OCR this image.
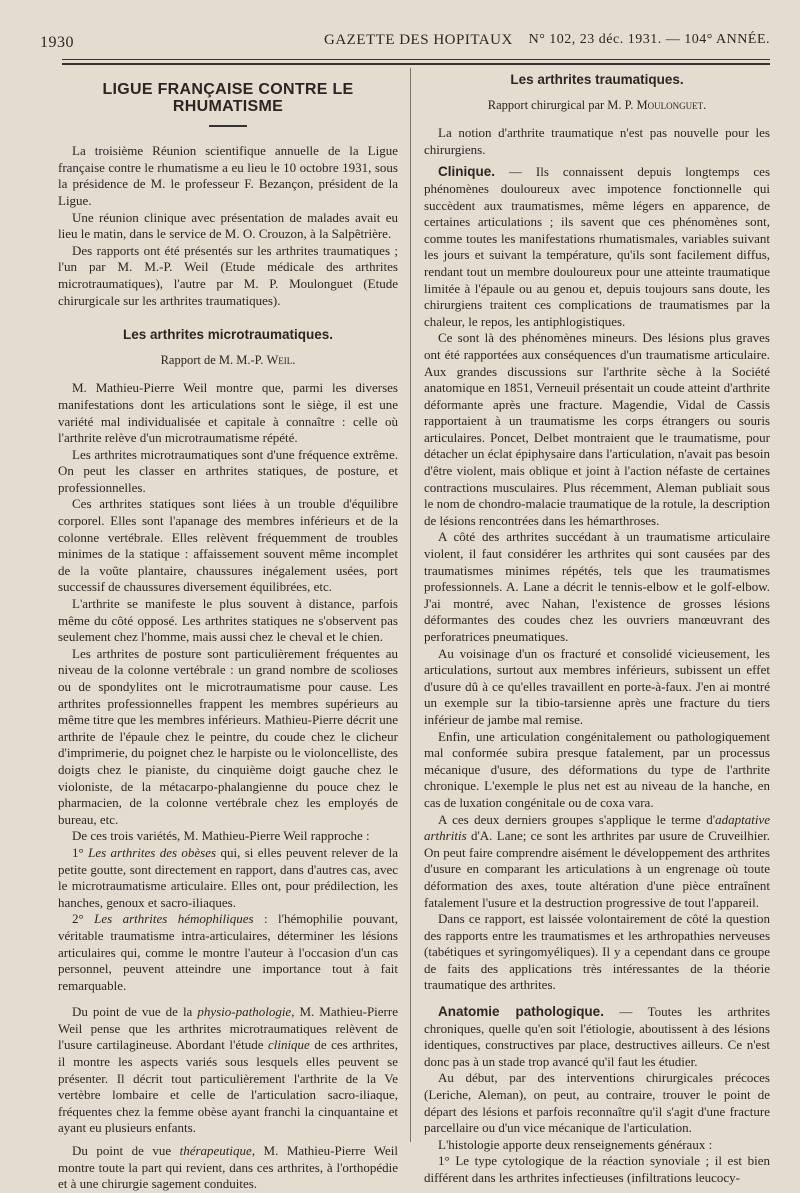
1930	GAZETTE DES HOPITAUX N° 102, 23 déc. 1931. — 104° ANNÉE.
LIGUE FRANÇAISE CONTRE LE RHUMATISME

La troisième Réunion scientifique annuelle de la Ligue française contre le rhumatisme a eu lieu le 10 octobre 1931, sous la présidence de M. le professeur F. Bezançon, président de la Ligue.

Une réunion clinique avec présentation de malades avait eu lieu le matin, dans le service de M. O. Crouzon, à la Salpêtrière.

Des rapports ont été présentés sur les arthrites traumatiques ; l'un par M. M.-P. Weil (Etude médicale des arthrites microtraumatiques), l'autre par M. P. Moulonguet (Etude chirurgicale sur les arthrites traumatiques).

Les arthrites microtraumatiques.
Rapport de M. M.-P. Weil.

M. Mathieu-Pierre Weil montre que, parmi les diverses manifestations dont les articulations sont le siège, il est une variété mal individualisée et capitale à connaître : celle où l'arthrite relève d'un microtraumatisme répété.

Les arthrites microtraumatiques sont d'une fréquence extrême. On peut les classer en arthrites statiques, de posture, et professionnelles.

Ces arthrites statiques sont liées à un trouble d'équilibre corporel. Elles sont l'apanage des membres inférieurs et de la colonne vertébrale. Elles relèvent fréquemment de troubles minimes de la statique : affaissement souvent même incomplet de la voûte plantaire, chaussures inégalement usées, port successif de chaussures diversement équilibrées, etc.

L'arthrite se manifeste le plus souvent à distance, parfois même du côté opposé. Les arthrites statiques ne s'observent pas seulement chez l'homme, mais aussi chez le cheval et le chien.

Les arthrites de posture sont particulièrement fréquentes au niveau de la colonne vertébrale : un grand nombre de scolioses ou de spondylites ont le microtraumatisme pour cause. Les arthrites professionnelles frappent les membres supérieurs au même titre que les membres inférieurs. Mathieu-Pierre décrit une arthrite de l'épaule chez le peintre, du coude chez le clicheur d'imprimerie, du poignet chez le harpiste ou le violoncelliste, des doigts chez le pianiste, du cinquième doigt gauche chez le violoniste, de la métacarpo-phalangienne du pouce chez le pharmacien, de la colonne vertébrale chez les employés de bureau, etc.

De ces trois variétés, M. Mathieu-Pierre Weil rapproche :

1° Les arthrites des obèses qui, si elles peuvent relever de la petite goutte, sont directement en rapport, dans d'autres cas, avec le microtraumatisme articulaire. Elles ont, pour prédilection, les hanches, genoux et sacro-iliaques.

2° Les arthrites hémophiliques : l'hémophilie pouvant, véritable traumatisme intra-articulaires, déterminer les lésions articulaires qui, comme le montre l'auteur à l'occasion d'un cas personnel, peuvent atteindre une importance tout à fait remarquable.

Du point de vue de la physio-pathologie, M. Mathieu-Pierre Weil pense que les arthrites microtraumatiques relèvent de l'usure cartilagineuse. Abordant l'étude clinique de ces arthrites, il montre les aspects variés sous lesquels elles peuvent se présenter. Il décrit tout particulièrement l'arthrite de la Ve vertèbre lombaire et celle de l'articulation sacro-iliaque, fréquentes chez la femme obèse ayant franchi la cinquantaine et ayant eu plusieurs enfants.

Du point de vue thérapeutique, M. Mathieu-Pierre Weil montre toute la part qui revient, dans ces arthrites, à l'orthopédie et à une chirurgie sagement conduites.

Les arthrites traumatiques.
Rapport chirurgical par M. P. Moulonguet.

La notion d'arthrite traumatique n'est pas nouvelle pour les chirurgiens.

Clinique. — Ils connaissent depuis longtemps ces phénomènes douloureux avec impotence fonctionnelle qui succèdent aux traumatismes, même légers en apparence, de certaines articulations ; ils savent que ces phénomènes sont, comme toutes les manifestations rhumatismales, variables suivant les jours et suivant la température, qu'ils sont facilement diffus, rendant tout un membre douloureux pour une atteinte traumatique limitée à l'épaule ou au genou et, depuis toujours sans doute, les chirurgiens traitent ces complications de traumatismes par la chaleur, le repos, les antiphlogistiques.

Ce sont là des phénomènes mineurs. Des lésions plus graves ont été rapportées aux conséquences d'un traumatisme articulaire. Aux grandes discussions sur l'arthrite sèche à la Société anatomique en 1851, Verneuil présentait un coude atteint d'arthrite déformante après une fracture. Magendie, Vidal de Cassis rapportaient à un traumatisme les corps étrangers ou souris articulaires. Poncet, Delbet montraient que le traumatisme, pour détacher un éclat épiphysaire dans l'articulation, n'avait pas besoin d'être violent, mais oblique et joint à l'action néfaste de certaines contractions musculaires. Plus récemment, Aleman publiait sous le nom de chondro-malacie traumatique de la rotule, la description de lésions rencontrées dans les hémarthroses.

A côté des arthrites succédant à un traumatisme articulaire violent, il faut considérer les arthrites qui sont causées par des traumatismes minimes répétés, tels que les traumatismes professionnels. A. Lane a décrit le tennis-elbow et le golf-elbow. J'ai montré, avec Nahan, l'existence de grosses lésions déformantes des coudes chez les ouvriers manœuvrant des perforatrices pneumatiques.

Au voisinage d'un os fracturé et consolidé vicieusement, les articulations, surtout aux membres inférieurs, subissent un effet d'usure dû à ce qu'elles travaillent en porte-à-faux. J'en ai montré un exemple sur la tibio-tarsienne après une fracture du tiers inférieur de jambe mal remise.

Enfin, une articulation congénitalement ou pathologiquement mal conformée subira presque fatalement, par un processus mécanique d'usure, des déformations du type de l'arthrite chronique. L'exemple le plus net est au niveau de la hanche, en cas de luxation congénitale ou de coxa vara.

A ces deux derniers groupes s'applique le terme d'adaptative arthritis d'A. Lane; ce sont les arthrites par usure de Cruveilhier. On peut faire comprendre aisément le développement des arthrites d'usure en comparant les articulations à un engrenage où toute déformation des axes, toute altération d'une pièce entraînent fatalement l'usure et la destruction progressive de tout l'appareil.

Dans ce rapport, est laissée volontairement de côté la question des rapports entre les traumatismes et les arthropathies nerveuses (tabétiques et syringomyéliques). Il y a cependant dans ce groupe de faits des applications très intéressantes de la théorie traumatique des arthrites.

Anatomie pathologique. — Toutes les arthrites chroniques, quelle qu'en soit l'étiologie, aboutissent à des lésions identiques, constructives par place, destructives ailleurs. Ce n'est donc pas à un stade trop avancé qu'il faut les étudier.

Au début, par des interventions chirurgicales précoces (Leriche, Aleman), on peut, au contraire, trouver le point de départ des lésions et parfois reconnaître qu'il s'agit d'une fracture parcellaire ou d'un vice mécanique de l'articulation.

L'histologie apporte deux renseignements généraux :

1° Le type cytologique de la réaction synoviale ; il est bien différent dans les arthrites infectieuses (infiltrations leucocy-
